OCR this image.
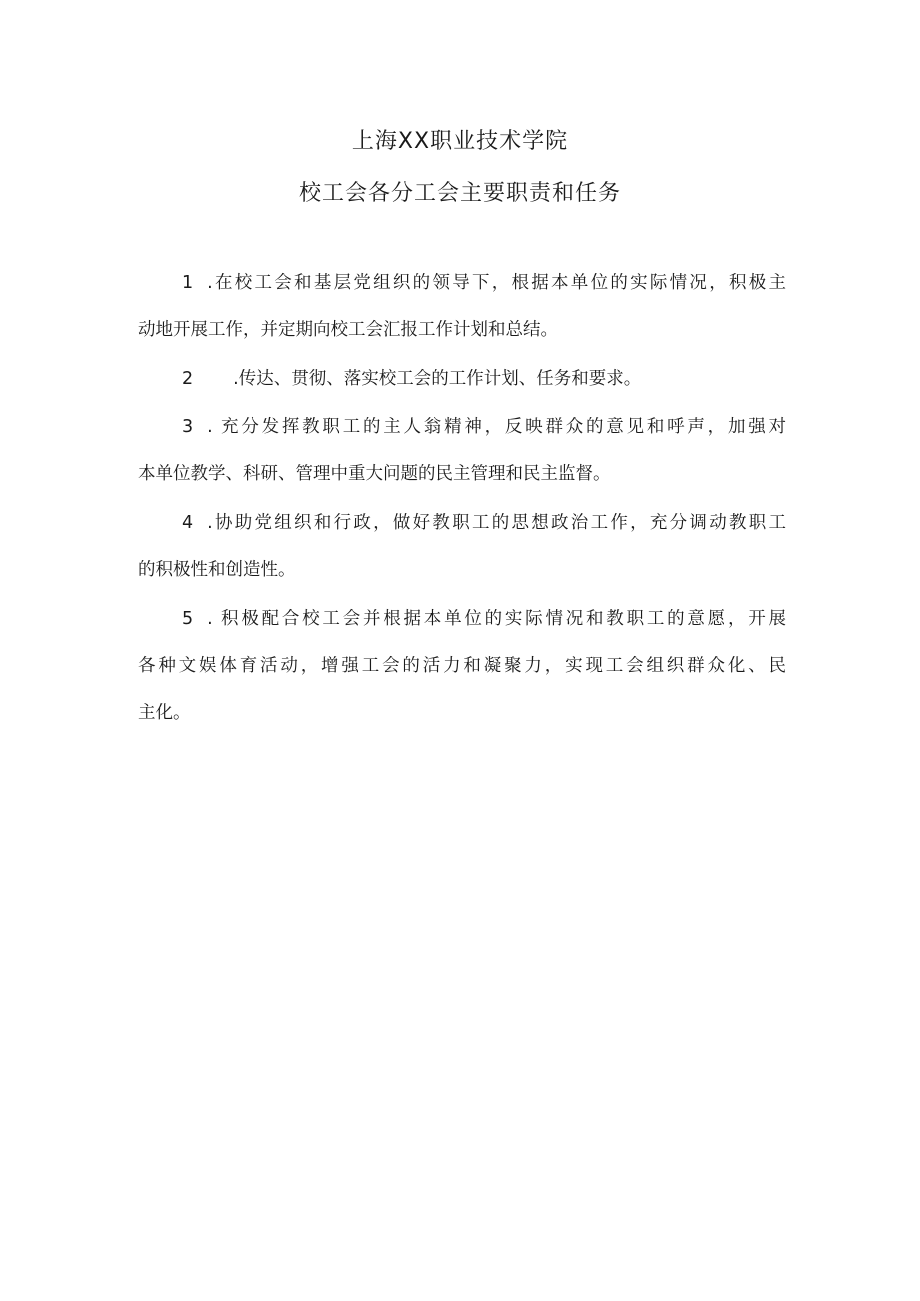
上海XX职业技术学院
校工会各分工会主要职责和任务
1 .在校工会和基层党组织的领导下，根据本单位的实际情况，积极主
动地开展工作，并定期向校工会汇报工作计划和总结。
2 .传达、贯彻、落实校工会的工作计划、任务和要求。
3 . 充分发挥教职工的主人翁精神，反映群众的意见和呼声，加强对
本单位教学、科研、管理中重大问题的民主管理和民主监督。
4 .协助党组织和行政，做好教职工的思想政治工作，充分调动教职工
的积极性和创造性。
5 . 积极配合校工会并根据本单位的实际情况和教职工的意愿，开展
各种文娱体育活动，增强工会的活力和凝聚力，实现工会组织群众化、民
主化。
